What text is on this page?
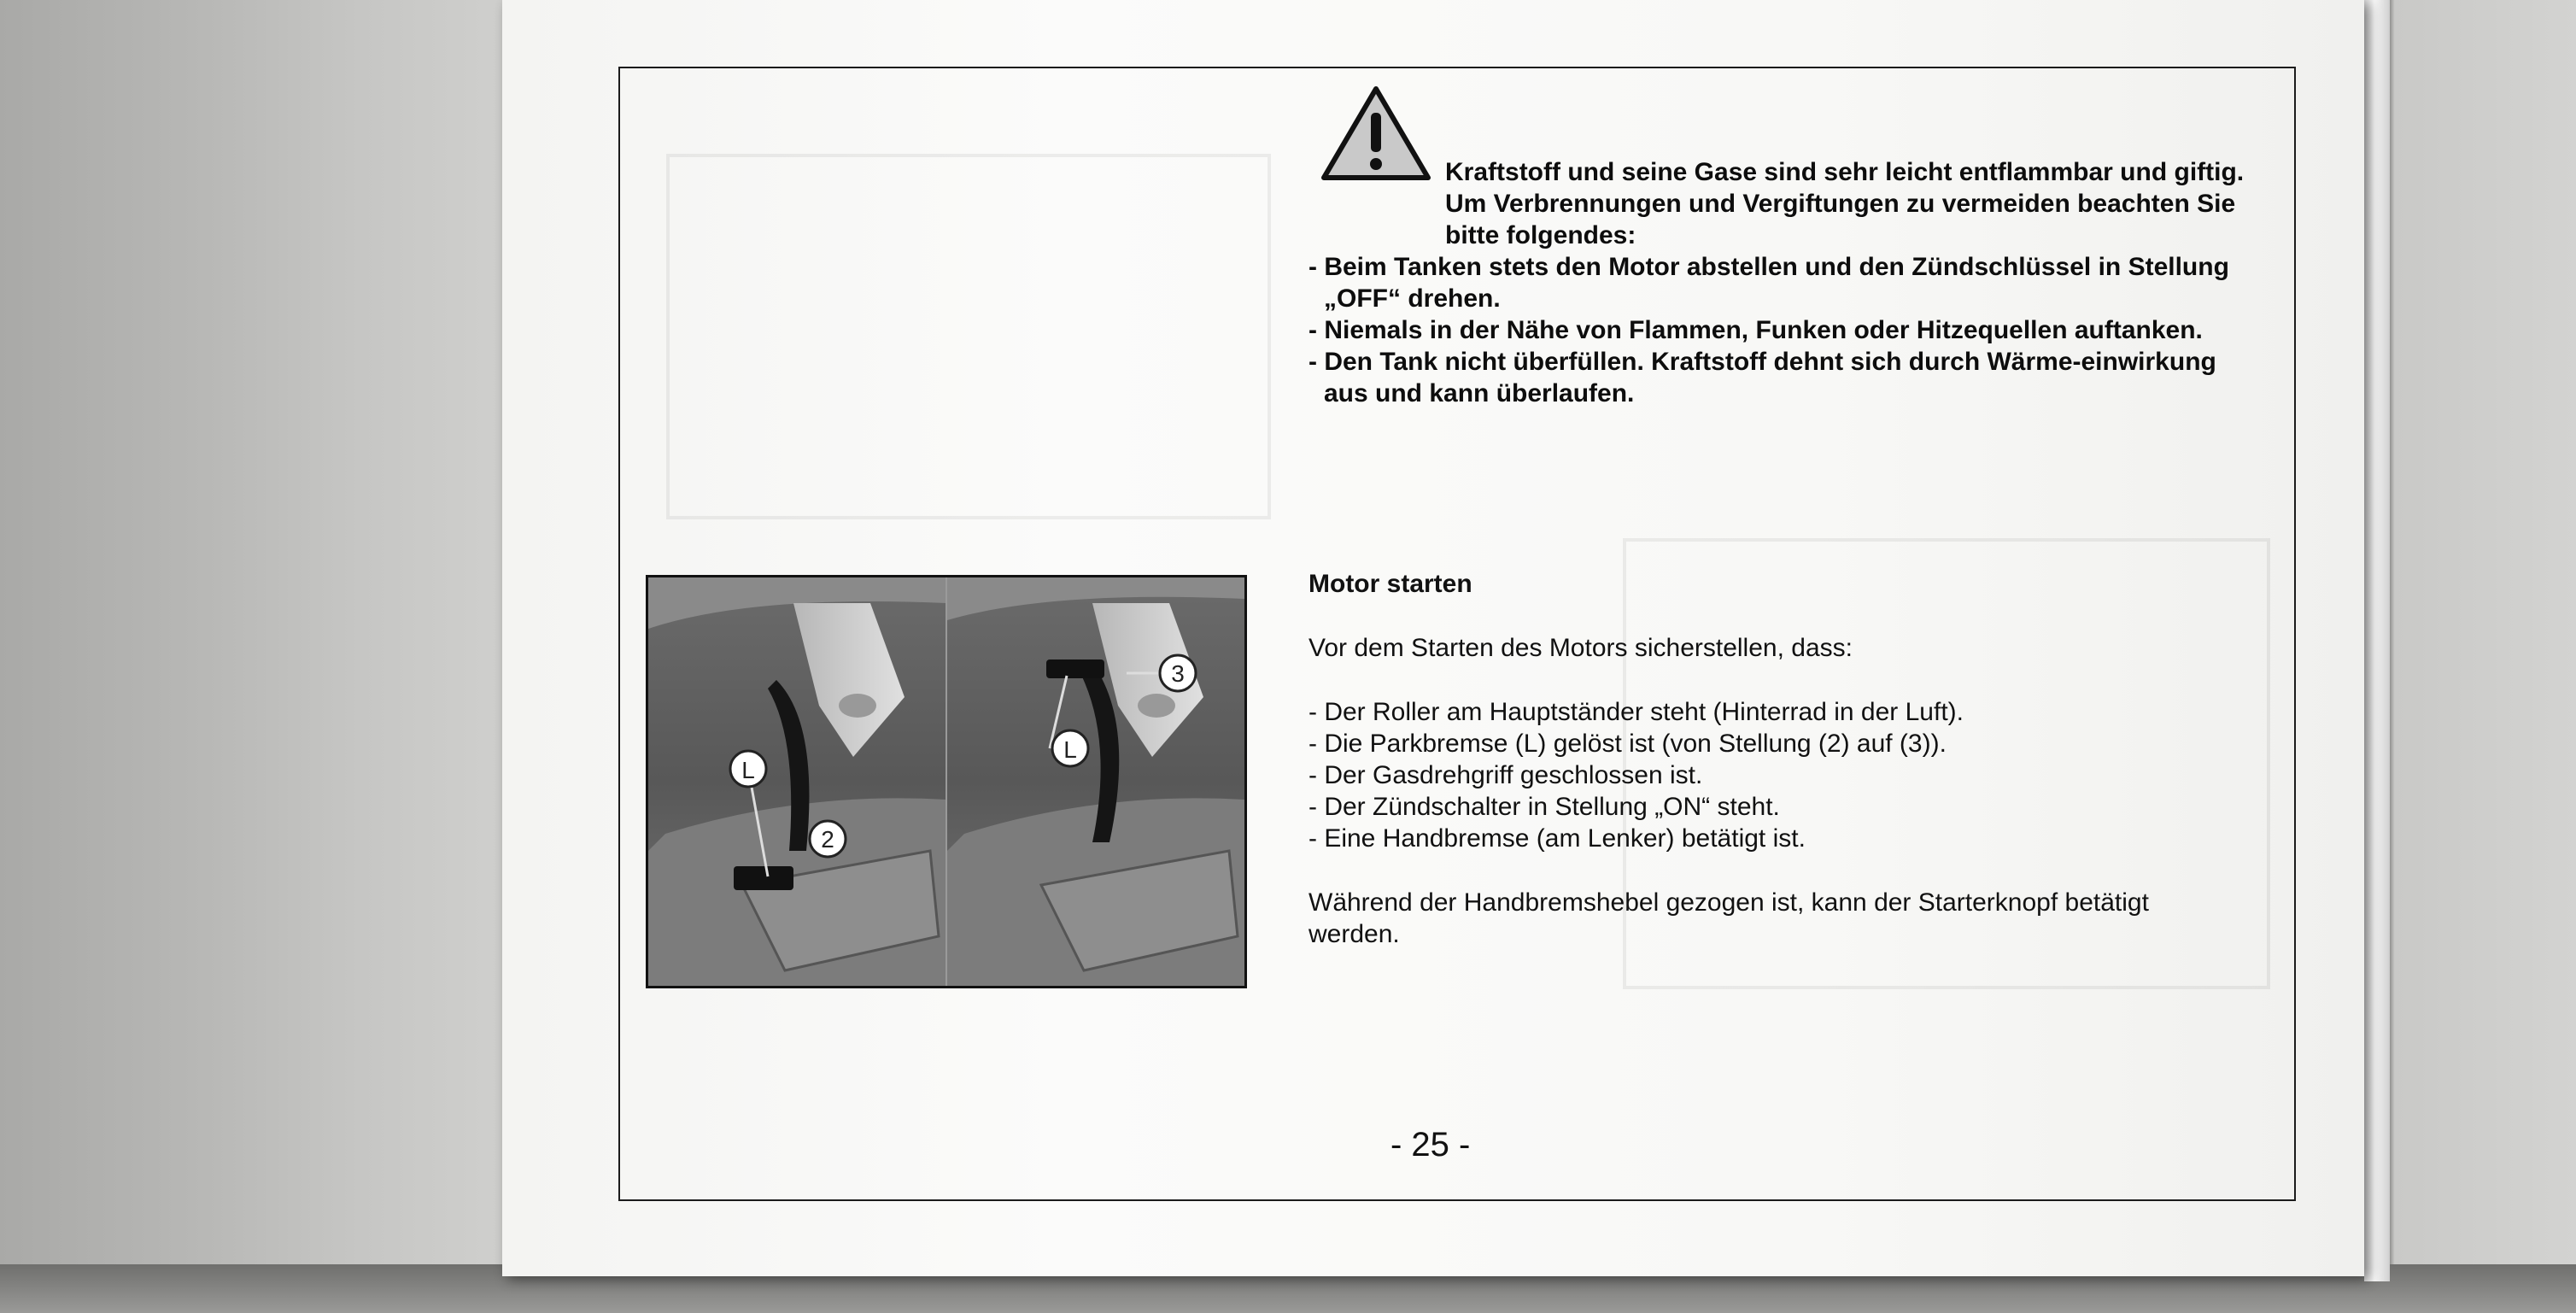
Kraftstoff und seine Gase sind sehr leicht entflammbar und giftig. Um Verbrennungen und Vergiftungen zu vermeiden beachten Sie bitte folgendes:
- Beim Tanken stets den Motor abstellen und den Zündschlüssel in Stellung „OFF“ drehen.
- Niemals in der Nähe von Flammen, Funken oder Hitzequellen auftanken.
- Den Tank nicht überfüllen. Kraftstoff dehnt sich durch Wärme-einwirkung aus und kann überlaufen.
L
2
L
3
Motor starten

Vor dem Starten des Motors sicherstellen, dass:

- Der Roller am Hauptständer steht (Hinterrad in der Luft).
- Die Parkbremse (L) gelöst ist (von Stellung (2) auf (3)).
- Der Gasdrehgriff geschlossen ist.
- Der Zündschalter in Stellung „ON“ steht.
- Eine Handbremse (am Lenker) betätigt ist.

Während der Handbremshebel gezogen ist, kann der Starterknopf betätigt werden.

- 25 -
